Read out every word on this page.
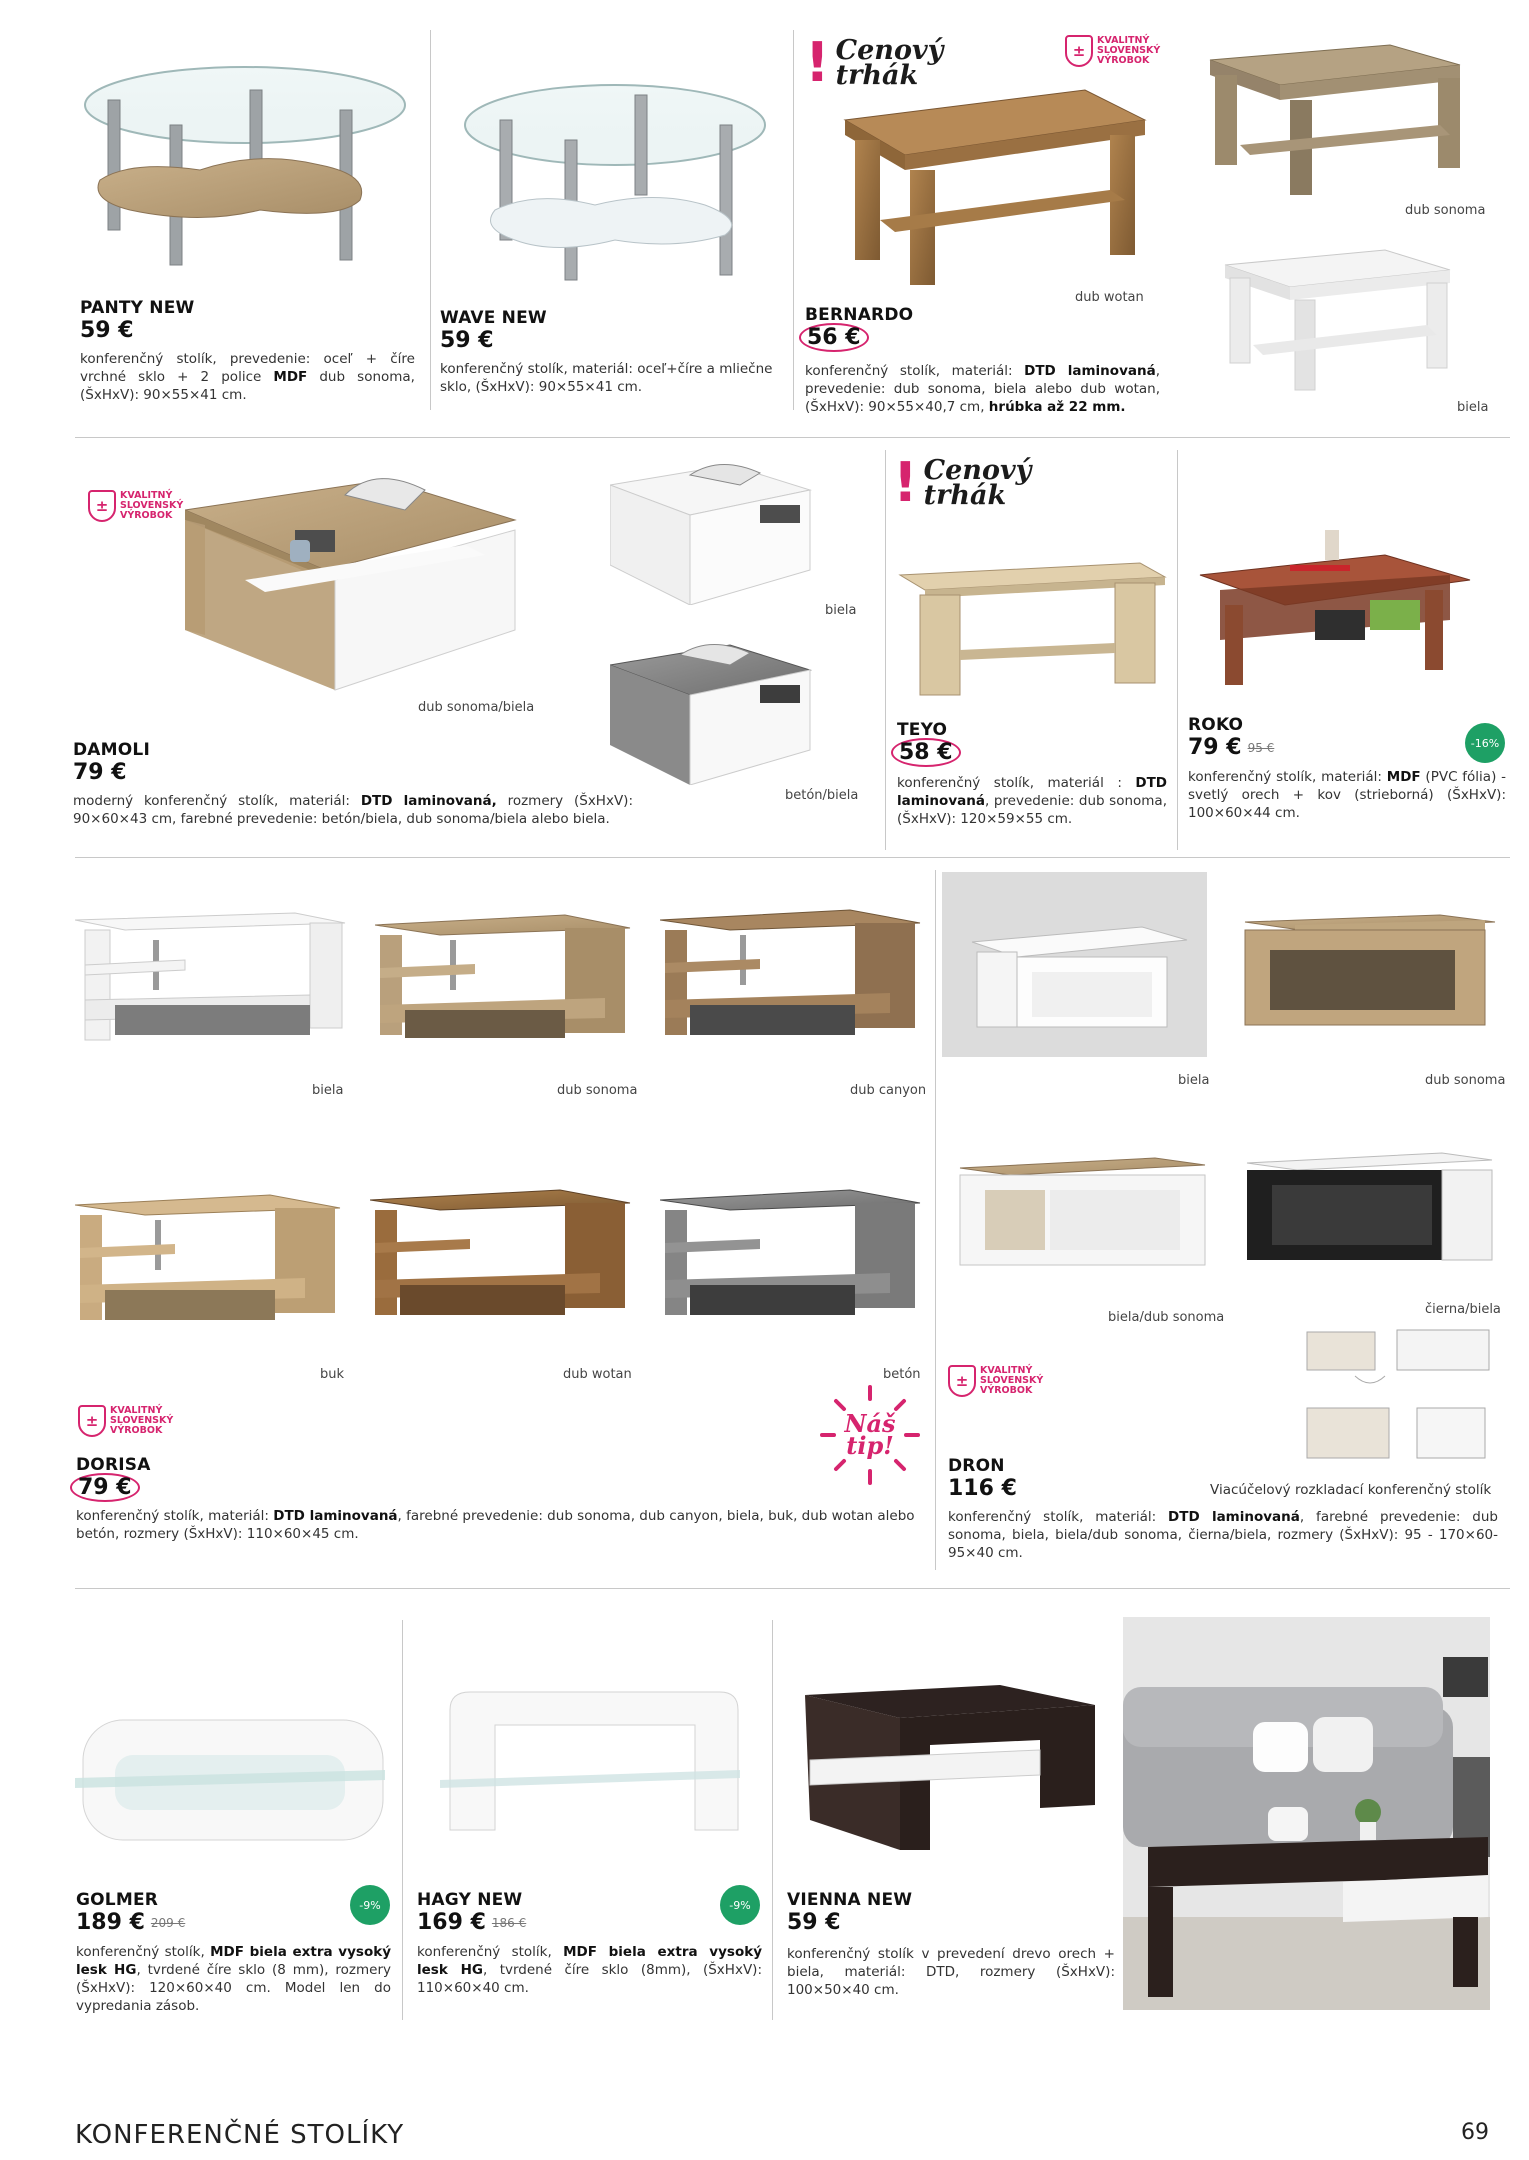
PANTY NEW
59 €
konferenčný stolík, prevedenie: oceľ + číre vrchné sklo + 2 police MDF dub sonoma, (ŠxHxV): 90×55×41 cm.
WAVE NEW
59 €
konferenčný stolík, materiál: oceľ+číre a mliečne sklo, (ŠxHxV): 90×55×41 cm.
! Cenový trhák
±
KVALITNÝ
SLOVENSKÝ
VÝROBOK
dub sonoma
biela
dub wotan
BERNARDO
56 €
konferenčný stolík, materiál: DTD laminovaná, prevedenie: dub sonoma, biela alebo dub wotan, (ŠxHxV): 90×55×40,7 cm, hrúbka až 22 mm.
±
KVALITNÝ
SLOVENSKÝ
VÝROBOK
dub sonoma/biela
biela
betón/biela
DAMOLI
79 €
moderný konferenčný stolík, materiál: DTD laminovaná, rozmery (ŠxHxV): 90×60×43 cm, farebné prevedenie: betón/biela, dub sonoma/biela alebo biela.
! Cenový trhák
TEYO
58 €
konferenčný stolík, materiál : DTD laminovaná, prevedenie: dub sonoma, (ŠxHxV): 120×59×55 cm.
-16%
ROKO
79 € 95 €
konferenčný stolík, materiál: MDF (PVC fólia) - svetlý orech + kov (strieborná) (ŠxHxV): 100×60×44 cm.
biela	dub sonoma	dub canyon
buk	dub wotan	betón
±
KVALITNÝ
SLOVENSKÝ
VÝROBOK	Náš tip!
DORISA
79 €
konferenčný stolík, materiál: DTD laminovaná, farebné prevedenie: dub sonoma, dub canyon, biela, buk, dub wotan alebo betón, rozmery (ŠxHxV): 110×60×45 cm.
biela	dub sonoma
biela/dub sonoma
čierna/biela
±
KVALITNÝ
SLOVENSKÝ
VÝROBOK
DRON
116 €	Viacúčelový rozkladací konferenčný stolík
konferenčný stolík, materiál: DTD laminovaná, farebné prevedenie: dub sonoma, biela, biela/dub sonoma, čierna/biela, rozmery (ŠxHxV): 95 - 170×60-95×40 cm.
-9%
GOLMER
189 € 209 €
konferenčný stolík, MDF biela extra vysoký lesk HG, tvrdené číre sklo (8 mm), rozmery (ŠxHxV): 120×60×40 cm. Model len do vypredania zásob.
-9%
HAGY NEW
169 € 186 €
konferenčný stolík, MDF biela extra vysoký lesk HG, tvrdené číre sklo (8mm), (ŠxHxV): 110×60×40 cm.
VIENNA NEW
59 €
konferenčný stolík v prevedení drevo orech + biela, materiál: DTD, rozmery (ŠxHxV): 100×50×40 cm.
KONFERENČNÉ STOLÍKY	69
